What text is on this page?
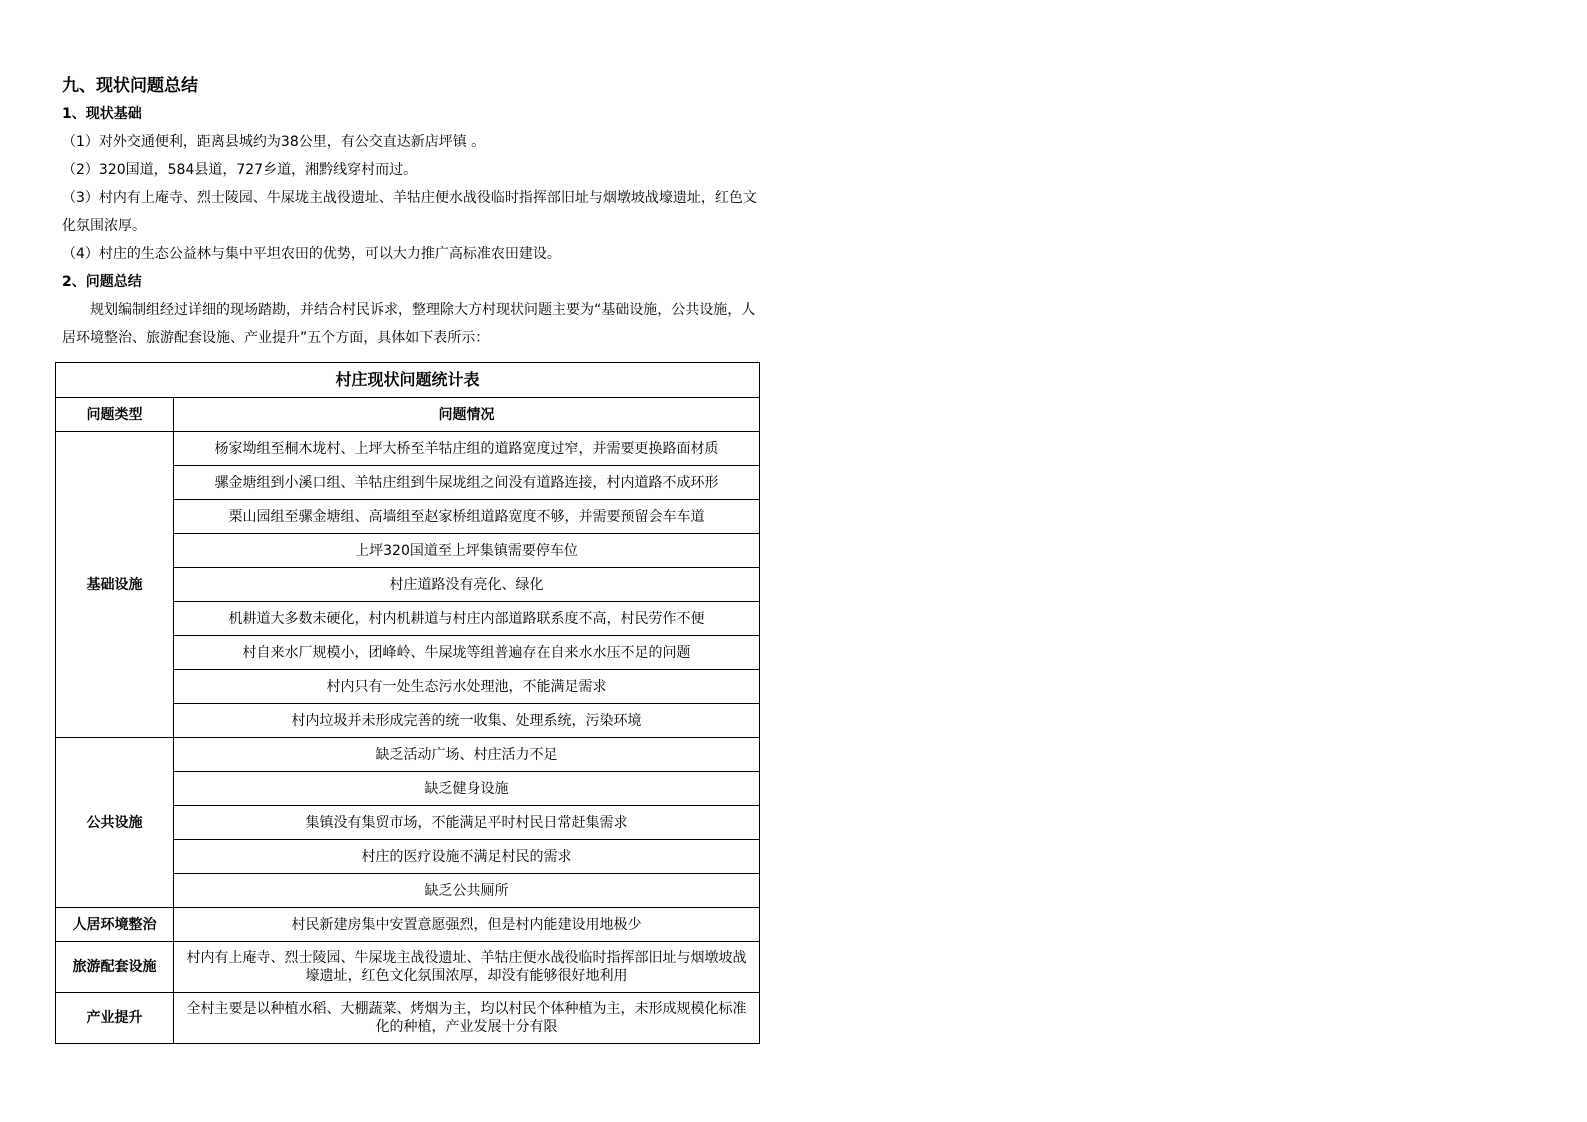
九、现状问题总结
1、现状基础
（1）对外交通便利，距离县城约为38公里，有公交直达新店坪镇 。
（2）320国道，584县道，727乡道，湘黔线穿村而过。
（3）村内有上庵寺、烈士陵园、牛屎垅主战役遗址、羊牯庄便水战役临时指挥部旧址与烟墩坡战壕遗址，红色文化氛围浓厚。
（4）村庄的生态公益林与集中平坦农田的优势，可以大力推广高标准农田建设。
2、问题总结
规划编制组经过详细的现场踏勘，并结合村民诉求，整理除大方村现状问题主要为“基础设施，公共设施，人居环境整治、旅游配套设施、产业提升”五个方面，具体如下表所示：
村庄现状问题统计表	
问题类型	问题情况
基础设施	杨家坳组至桐木垅村、上坪大桥至羊牯庄组的道路宽度过窄，并需要更换路面材质
	骡金塘组到小溪口组、羊牯庄组到牛屎垅组之间没有道路连接，村内道路不成环形
	栗山园组至骡金塘组、高墙组至赵家桥组道路宽度不够，并需要预留会车车道
	上坪320国道至上坪集镇需要停车位
	村庄道路没有亮化、绿化
	机耕道大多数未硬化，村内机耕道与村庄内部道路联系度不高，村民劳作不便
	村自来水厂规模小，团峰岭、牛屎垅等组普遍存在自来水水压不足的问题
	村内只有一处生态污水处理池，不能满足需求
	村内垃圾并未形成完善的统一收集、处理系统，污染环境
公共设施	缺乏活动广场、村庄活力不足
	缺乏健身设施
	集镇没有集贸市场，不能满足平时村民日常赶集需求
	村庄的医疗设施不满足村民的需求
	缺乏公共厕所
人居环境整治	村民新建房集中安置意愿强烈，但是村内能建设用地极少
旅游配套设施	村内有上庵寺、烈士陵园、牛屎垅主战役遗址、羊牯庄便水战役临时指挥部旧址与烟墩坡战壕遗址，红色文化氛围浓厚，却没有能够很好地利用
产业提升	全村主要是以种植水稻、大棚蔬菜、烤烟为主，均以村民个体种植为主，未形成规模化标准化的种植，产业发展十分有限
